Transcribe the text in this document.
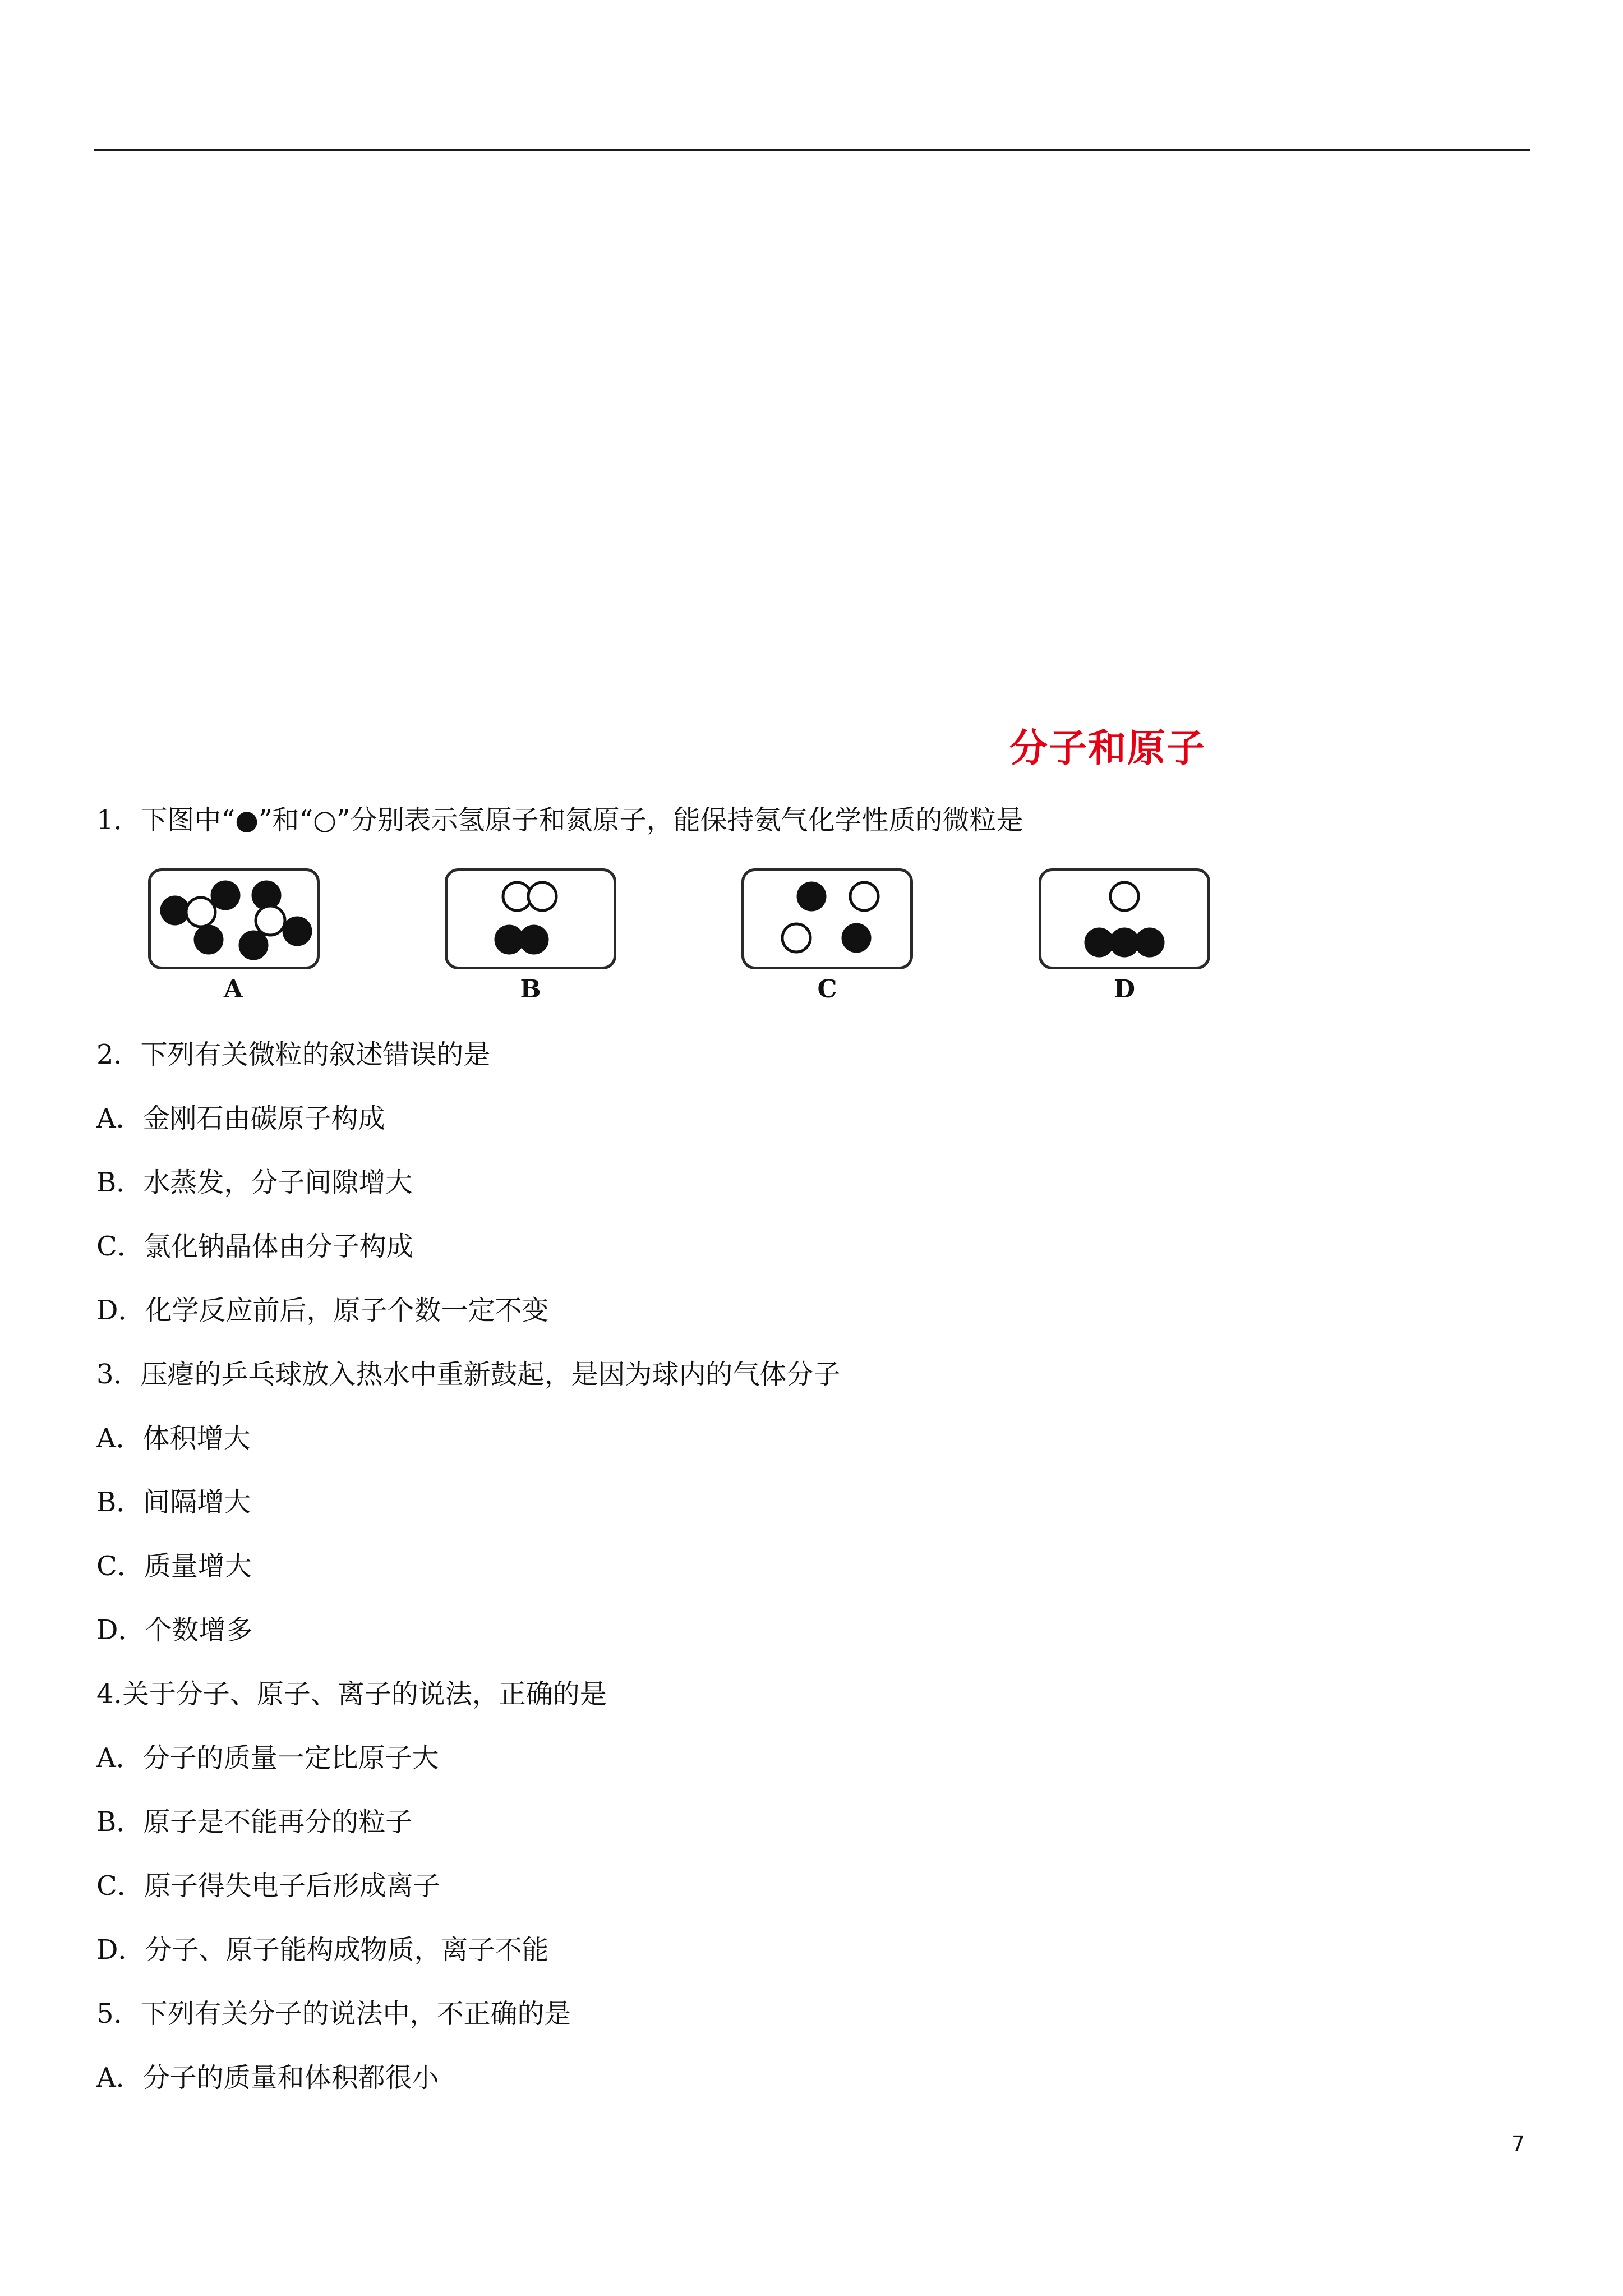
分子和原子
1．下图中“●”和“○”分别表示氢原子和氮原子，能保持氨气化学性质的微粒是
A	B	C	D
2．下列有关微粒的叙述错误的是
A．金刚石由碳原子构成
B．水蒸发，分子间隙增大
C．氯化钠晶体由分子构成
D．化学反应前后，原子个数一定不变
3．压瘪的乒乓球放入热水中重新鼓起，是因为球内的气体分子
A．体积增大
B．间隔增大
C．质量增大
D．个数增多
4.关于分子、原子、离子的说法，正确的是
A．分子的质量一定比原子大
B．原子是不能再分的粒子
C．原子得失电子后形成离子
D．分子、原子能构成物质，离子不能
5．下列有关分子的说法中，不正确的是
A．分子的质量和体积都很小
7
